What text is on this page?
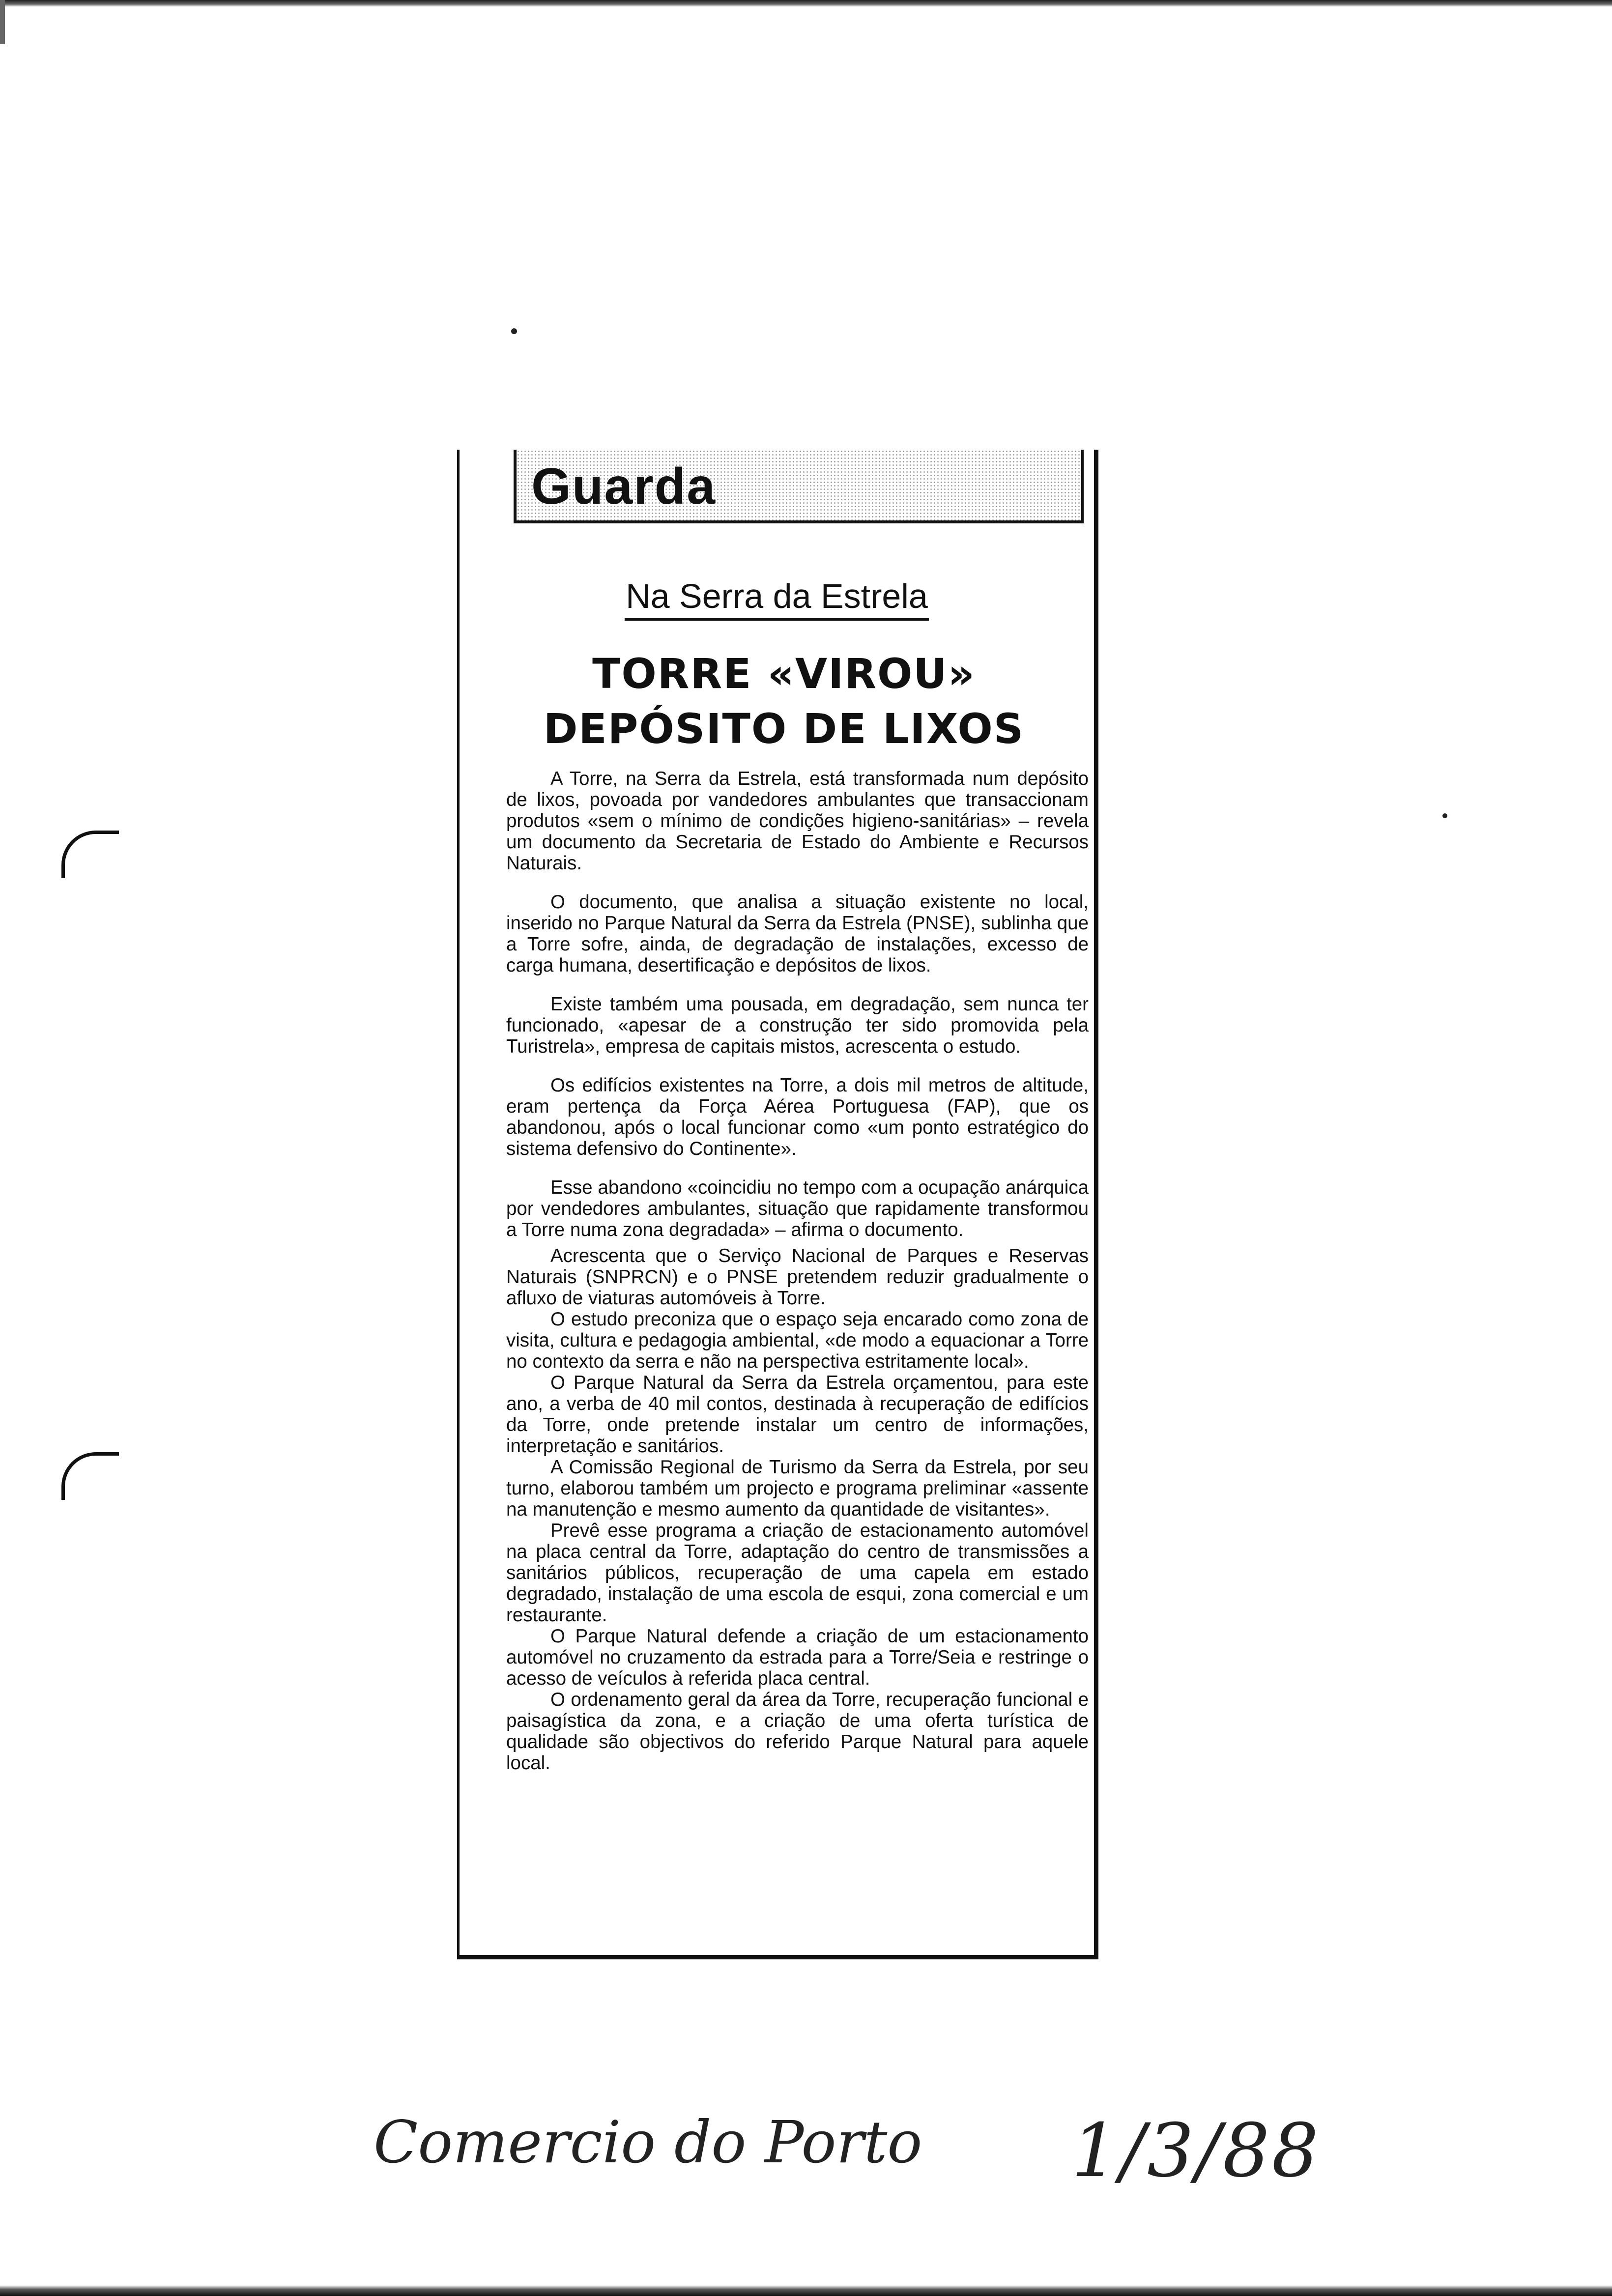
Guarda
Na Serra da Estrela
TORRE «VIROU»
DEPÓSITO DE LIXOS

A Torre, na Serra da Estrela, está transformada num depósito de lixos, povoada por vandedores ambulantes que transaccionam produtos «sem o mínimo de condições higieno-sanitárias» – revela um documento da Secretaria de Estado do Ambiente e Recursos Naturais.

O documento, que analisa a situação existente no local, inserido no Parque Natural da Serra da Estrela (PNSE), sublinha que a Torre sofre, ainda, de degradação de instalações, excesso de carga humana, desertificação e depósitos de lixos.

Existe também uma pousada, em degradação, sem nunca ter funcionado, «apesar de a construção ter sido promovida pela Turistrela», empresa de capitais mistos, acrescenta o estudo.

Os edifícios existentes na Torre, a dois mil metros de altitude, eram pertença da Força Aérea Portuguesa (FAP), que os abandonou, após o local funcionar como «um ponto estratégico do sistema defensivo do Continente».

Esse abandono «coincidiu no tempo com a ocupação anárquica por vendedores ambulantes, situação que rapidamente transformou a Torre numa zona degradada» – afirma o documento.

Acrescenta que o Serviço Nacional de Parques e Reservas Naturais (SNPRCN) e o PNSE pretendem reduzir gradualmente o afluxo de viaturas automóveis à Torre.

O estudo preconiza que o espaço seja encarado como zona de visita, cultura e pedagogia ambiental, «de modo a equacionar a Torre no contexto da serra e não na perspectiva estritamente local».

O Parque Natural da Serra da Estrela orçamentou, para este ano, a verba de 40 mil contos, destinada à recuperação de edifícios da Torre, onde pretende instalar um centro de informações, interpretação e sanitários.

A Comissão Regional de Turismo da Serra da Estrela, por seu turno, elaborou também um projecto e programa preliminar «assente na manutenção e mesmo aumento da quantidade de visitantes».

Prevê esse programa a criação de estacionamento automóvel na placa central da Torre, adaptação do centro de transmissões a sanitários públicos, recuperação de uma capela em estado degradado, instalação de uma escola de esqui, zona comercial e um restaurante.

O Parque Natural defende a criação de um estacionamento automóvel no cruzamento da estrada para a Torre/Seia e restringe o acesso de veículos à referida placa central.

O ordenamento geral da área da Torre, recuperação funcional e paisagística da zona, e a criação de uma oferta turística de qualidade são objectivos do referido Parque Natural para aquele local.

Comercio do Porto 1/3/88
